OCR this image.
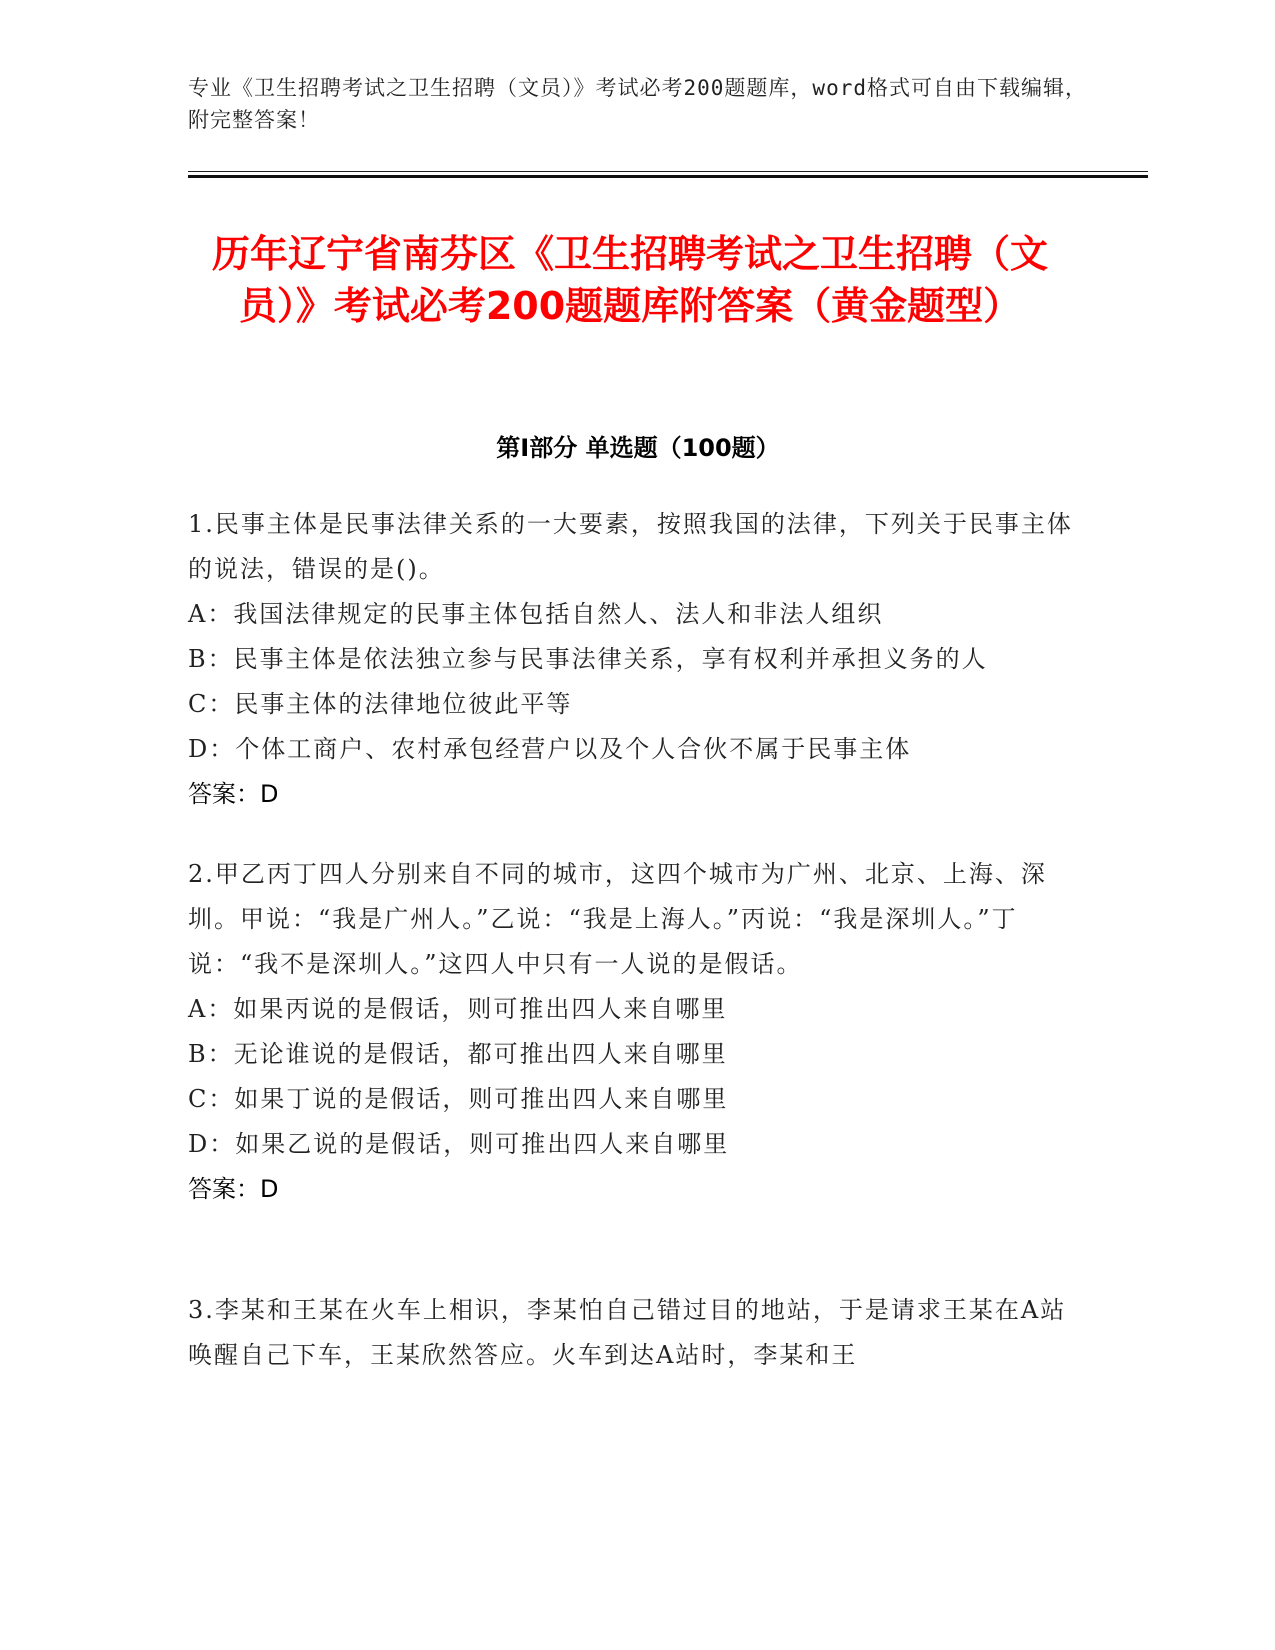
专业《卫生招聘考试之卫生招聘（文员）》考试必考200题题库，word格式可自由下载编辑，附完整答案！

历年辽宁省南芬区《卫生招聘考试之卫生招聘（文员）》考试必考200题题库附答案（黄金题型）
第Ⅰ部分 单选题（100题）

1.民事主体是民事法律关系的一大要素，按照我国的法律，下列关于民事主体的说法，错误的是()。

A：我国法律规定的民事主体包括自然人、法人和非法人组织

B：民事主体是依法独立参与民事法律关系，享有权利并承担义务的人

C：民事主体的法律地位彼此平等

D：个体工商户、农村承包经营户以及个人合伙不属于民事主体

答案：D

2.甲乙丙丁四人分别来自不同的城市，这四个城市为广州、北京、上海、深圳。甲说：“我是广州人。”乙说：“我是上海人。”丙说：“我是深圳人。”丁说：“我不是深圳人。”这四人中只有一人说的是假话。

A：如果丙说的是假话，则可推出四人来自哪里

B：无论谁说的是假话，都可推出四人来自哪里

C：如果丁说的是假话，则可推出四人来自哪里

D：如果乙说的是假话，则可推出四人来自哪里

答案：D

3.李某和王某在火车上相识，李某怕自己错过目的地站，于是请求王某在A站唤醒自己下车，王某欣然答应。火车到达A站时，李某和王
